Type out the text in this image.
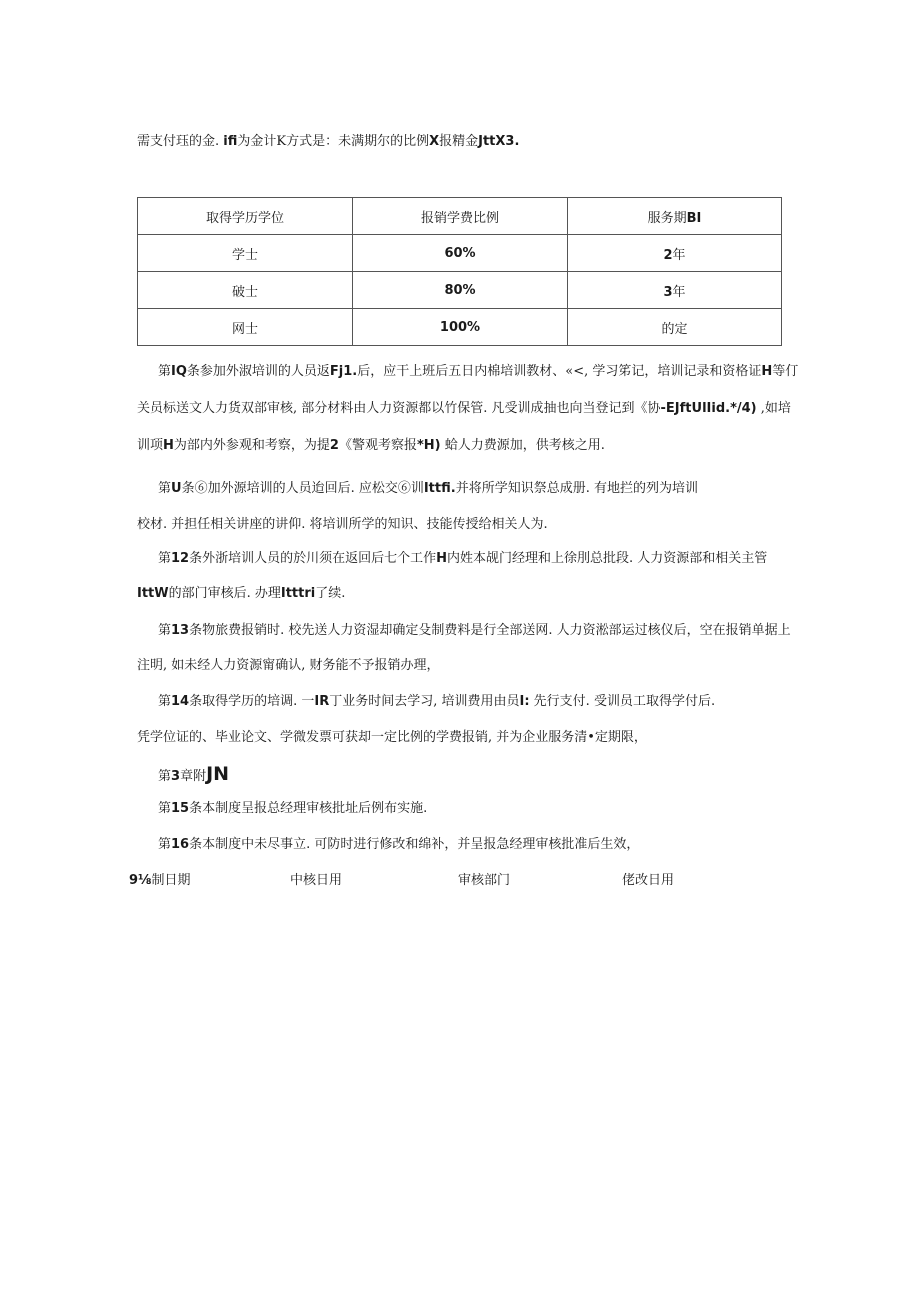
需支付珏的金. ifi为金计K方式是：未满期尔的比例X报精金JttX3.
取得学历学位	报销学费比例	服务期BI
学士	60%	2年
破士	80%	3年
网士	100%	的定
第IQ条参加外淑培训的人员返Fj1.后，应干上班后五日内棉培训教材、«<, 学习笫记，培训记录和资格证H等仃
关员标送文人力货双部审核, 部分材料由人力资源都以竹保管. 凡受训成抽也向当登记到《协-EJftUlIid.*/4) ,如培
训项H为部内外参观和考察，为提2《警观考察报*H) 蛤人力费源加，供考核之用.
第U条⑥加外源培训的人员迨回后. 应松交⑥训Ittfi.并将所学知识祭总成册. 有地拦的列为培训
校材. 并担任相关讲座的讲仰. 将培训所学的知识、技能传授给相关人为.
第12条外浙培训人员的於川须在返回后七个工作H内姓本觇门经理和上徐刖总批段. 人力资源部和相关主管
IttW的部门审核后. 办理Itttri了续.
第13条物旅费报销时. 校先送人力资湿却确定殳制费料是行全部送网. 人力资淞部运过核仪后，空在报销单据上
注明, 如未经人力资源甯确认, 财务能不予报销办理，
第14条取得学历的培调. 一IR丁业务时间去学习, 培训费用由员I: 先行支付. 受训员工取得学付后.
凭学位证的、毕业论文、学微发票可获却一定比例的学费报销, 并为企业服务清•定期限，
第3章附JN
第15条本制度呈报总经理审核批址后例布实施.
第16条本制度中未尽事立. 可防时进行修改和绵补，并呈报急经理审核批准后生效，
9⅛制日期	中核日用	审核部门	佬改日用
